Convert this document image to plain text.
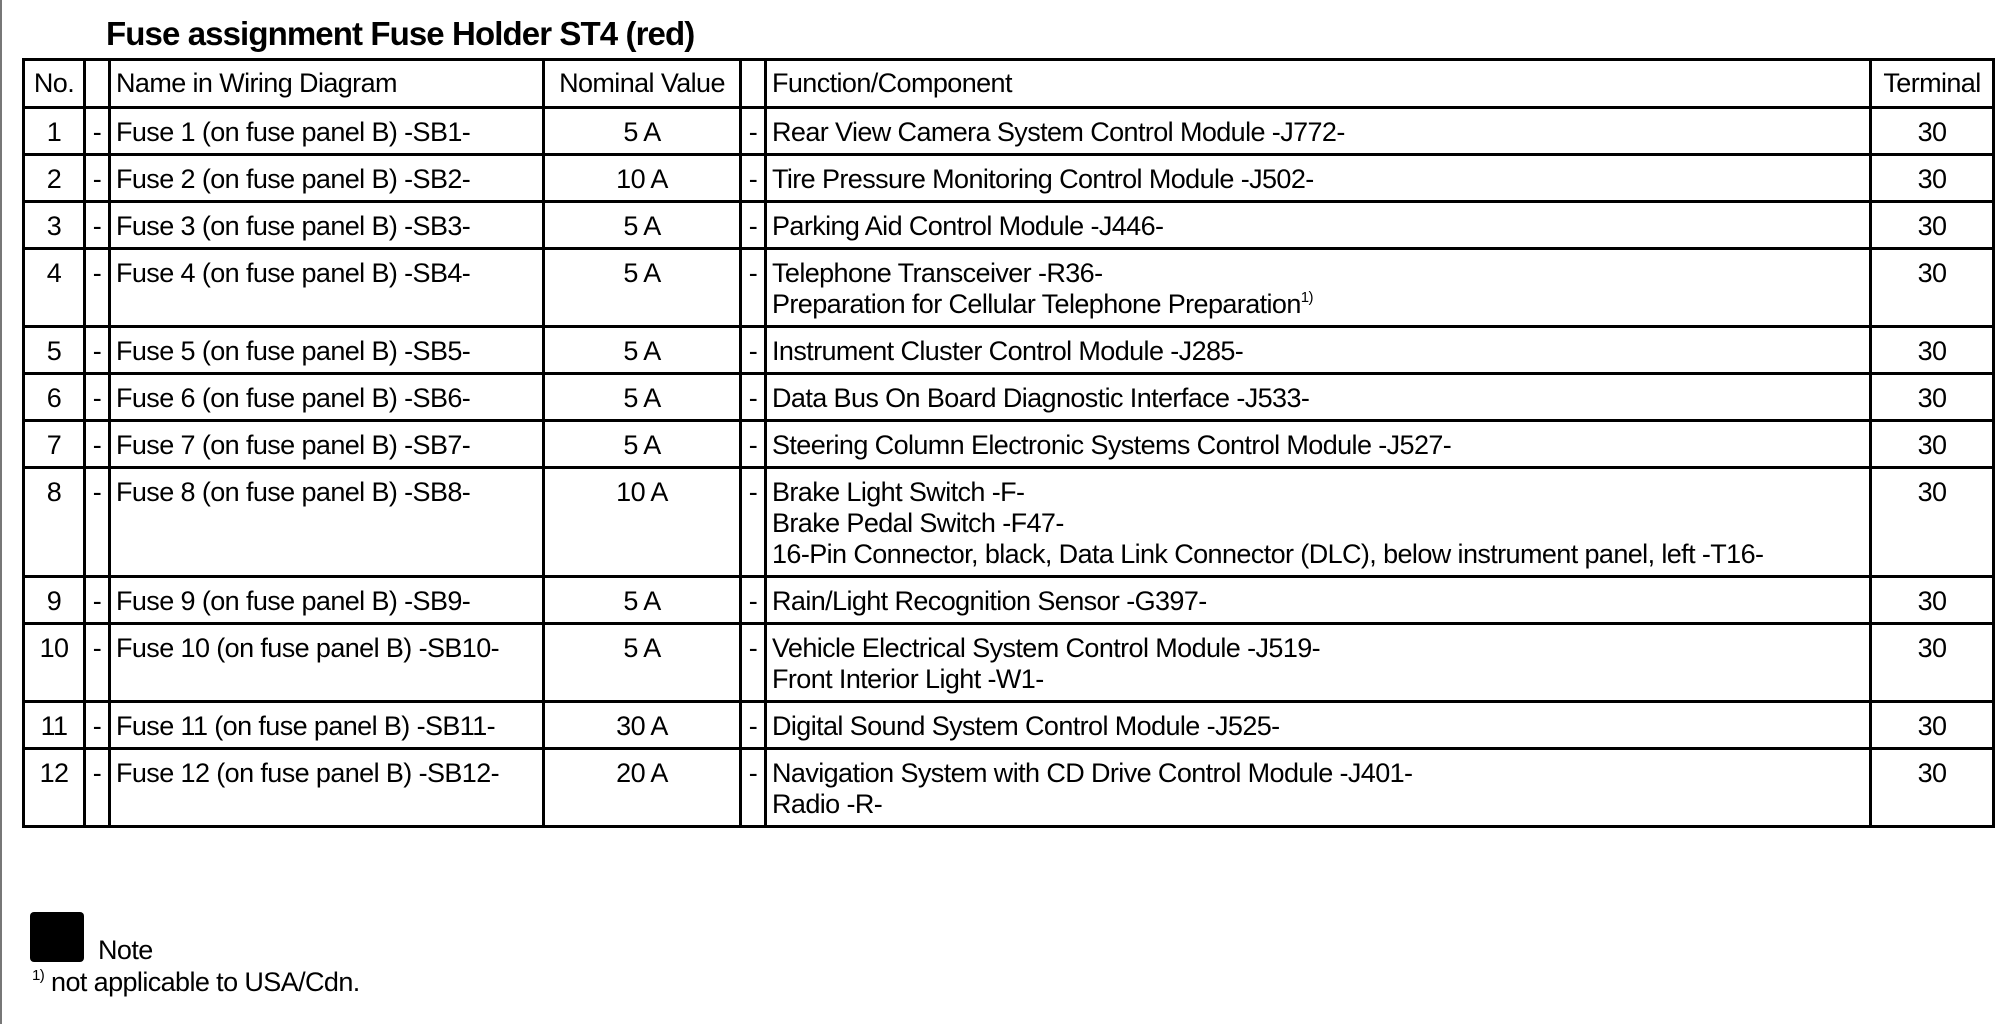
Fuse assignment Fuse Holder ST4 (red)
No.		Name in Wiring Diagram	Nominal Value		Function/Component	Terminal
1	-	Fuse 1 (on fuse panel B) -SB1-	5 A	-	Rear View Camera System Control Module -J772-	30
2	-	Fuse 2 (on fuse panel B) -SB2-	10 A	-	Tire Pressure Monitoring Control Module -J502-	30
3	-	Fuse 3 (on fuse panel B) -SB3-	5 A	-	Parking Aid Control Module -J446-	30
4	-	Fuse 4 (on fuse panel B) -SB4-	5 A	-	Telephone Transceiver -R36-
Preparation for Cellular Telephone Preparation$^{1)}$	30
5	-	Fuse 5 (on fuse panel B) -SB5-	5 A	-	Instrument Cluster Control Module -J285-	30
6	-	Fuse 6 (on fuse panel B) -SB6-	5 A	-	Data Bus On Board Diagnostic Interface -J533-	30
7	-	Fuse 7 (on fuse panel B) -SB7-	5 A	-	Steering Column Electronic Systems Control Module -J527-	30
8	-	Fuse 8 (on fuse panel B) -SB8-	10 A	-	Brake Light Switch -F-
Brake Pedal Switch -F47-
16-Pin Connector, black, Data Link Connector (DLC), below instrument panel, left -T16-	30
9	-	Fuse 9 (on fuse panel B) -SB9-	5 A	-	Rain/Light Recognition Sensor -G397-	30
10	-	Fuse 10 (on fuse panel B) -SB10-	5 A	-	Vehicle Electrical System Control Module -J519-
Front Interior Light -W1-	30
11	-	Fuse 11 (on fuse panel B) -SB11-	30 A	-	Digital Sound System Control Module -J525-	30
12	-	Fuse 12 (on fuse panel B) -SB12-	20 A	-	Navigation System with CD Drive Control Module -J401-
Radio -R-	30
Note
$^{1)}$ not applicable to USA/Cdn.
